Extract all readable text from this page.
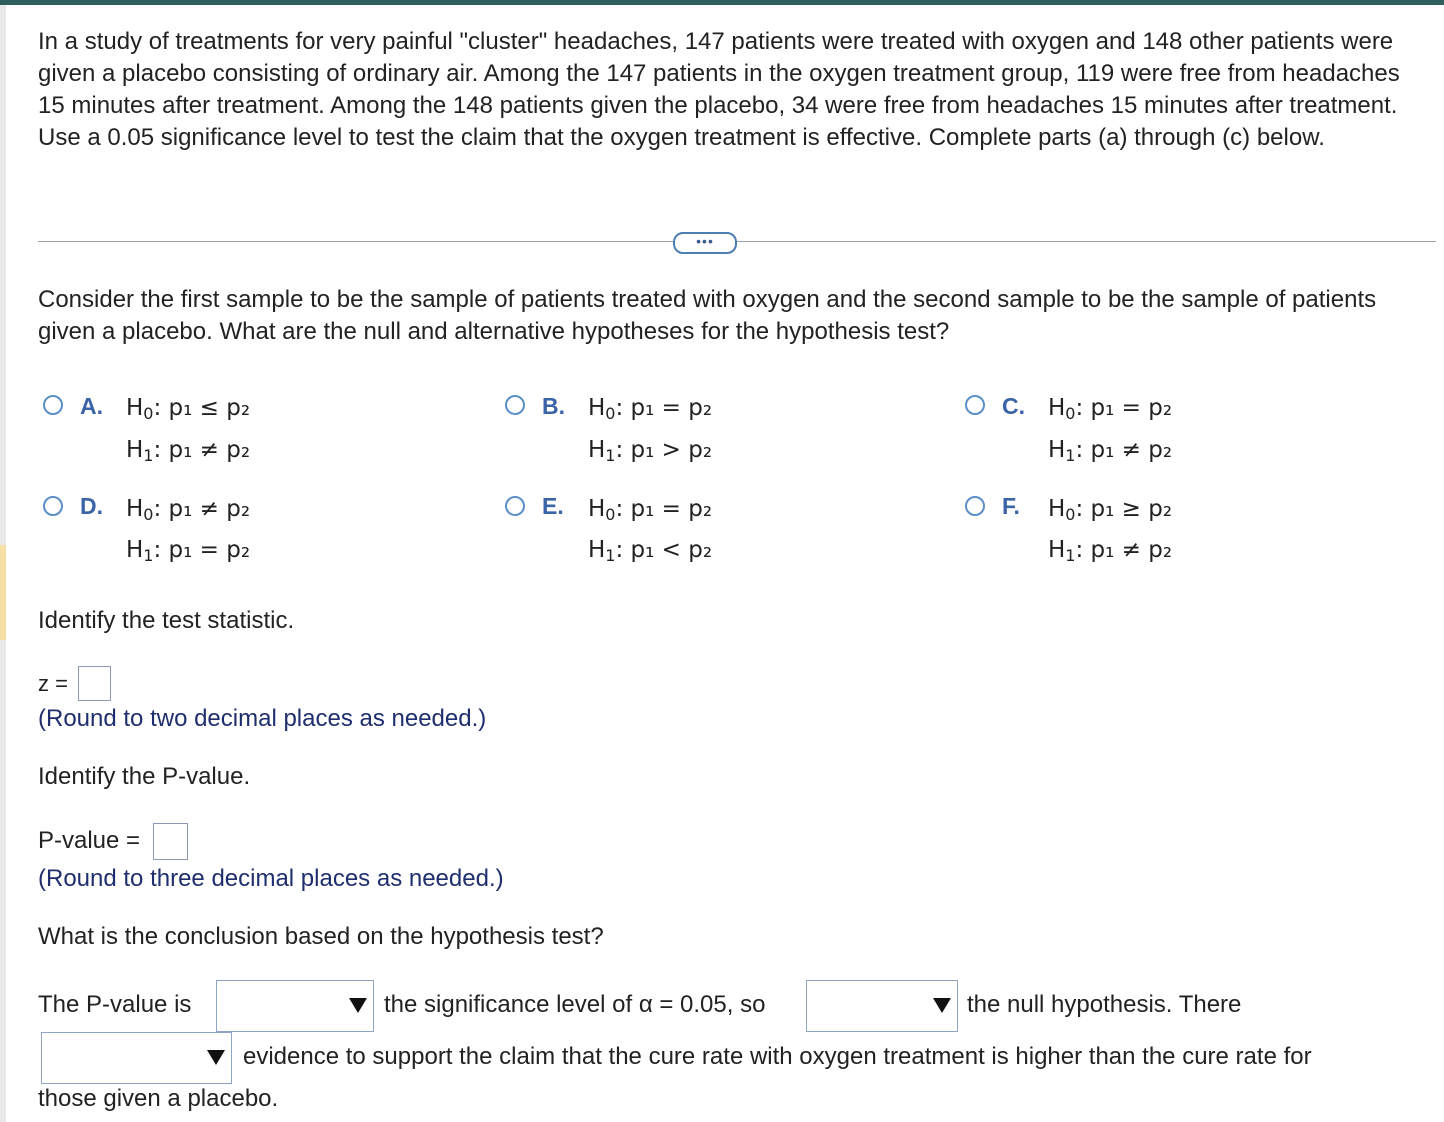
In a study of treatments for very painful "cluster" headaches, 147 patients were treated with oxygen and 148 other patients were given a placebo consisting of ordinary air. Among the 147 patients in the oxygen treatment group, 119 were free from headaches 15 minutes after treatment. Among the 148 patients given the placebo, 34 were free from headaches 15 minutes after treatment. Use a 0.05 significance level to test the claim that the oxygen treatment is effective. Complete parts (a) through (c) below.
•••
Consider the first sample to be the sample of patients treated with oxygen and the second sample to be the sample of patients given a placebo. What are the null and alternative hypotheses for the hypothesis test?
A. $H_0$: p₁ ≤ p₂
$H_1$: p₁ ≠ p₂
B. $H_0$: p₁ = p₂
$H_1$: p₁ > p₂
C. $H_0$: p₁ = p₂
$H_1$: p₁ ≠ p₂
D. $H_0$: p₁ ≠ p₂
$H_1$: p₁ = p₂
E. $H_0$: p₁ = p₂
$H_1$: p₁ < p₂
F. $H_0$: p₁ ≥ p₂
$H_1$: p₁ ≠ p₂
Identify the test statistic.
z =
(Round to two decimal places as needed.)
Identify the P-value.
P-value =
(Round to three decimal places as needed.)
What is the conclusion based on the hypothesis test?
The P-value is	the significance level of α = 0.05, so	the null hypothesis. There
evidence to support the claim that the cure rate with oxygen treatment is higher than the cure rate for
those given a placebo.
